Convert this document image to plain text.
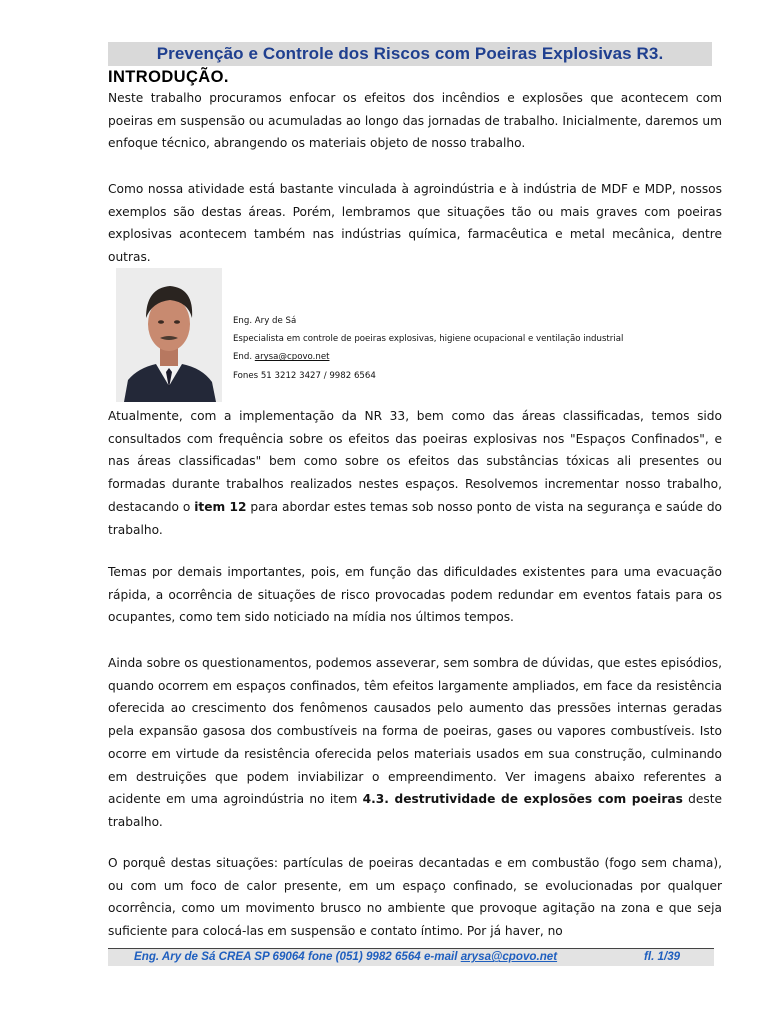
Prevenção e Controle dos Riscos com Poeiras Explosivas R3.
INTRODUÇÃO.

Neste trabalho procuramos enfocar os efeitos dos incêndios e explosões que acontecem com poeiras em suspensão ou acumuladas ao longo das jornadas de trabalho. Inicialmente, daremos um enfoque técnico, abrangendo os materiais objeto de nosso trabalho.

Como nossa atividade está bastante vinculada à agroindústria e à indústria de MDF e MDP, nossos exemplos são destas áreas. Porém, lembramos que situações tão ou mais graves com poeiras explosivas acontecem também nas indústrias química, farmacêutica e metal mecânica, dentre outras.

Eng. Ary de Sá
Especialista em controle de poeiras explosivas, higiene ocupacional e ventilação industrial
End. arysa@cpovo.net
Fones 51 3212 3427 / 9982 6564

Atualmente, com a implementação da NR 33, bem como das áreas classificadas, temos sido consultados com frequência sobre os efeitos das poeiras explosivas nos "Espaços Confinados", e nas áreas classificadas" bem como sobre os efeitos das substâncias tóxicas ali presentes ou formadas durante trabalhos realizados nestes espaços. Resolvemos incrementar nosso trabalho, destacando o item 12 para abordar estes temas sob nosso ponto de vista na segurança e saúde do trabalho.

Temas por demais importantes, pois, em função das dificuldades existentes para uma evacuação rápida, a ocorrência de situações de risco provocadas podem redundar em eventos fatais para os ocupantes, como tem sido noticiado na mídia nos últimos tempos.

Ainda sobre os questionamentos, podemos asseverar, sem sombra de dúvidas, que estes episódios, quando ocorrem em espaços confinados, têm efeitos largamente ampliados, em face da resistência oferecida ao crescimento dos fenômenos causados pelo aumento das pressões internas geradas pela expansão gasosa dos combustíveis na forma de poeiras, gases ou vapores combustíveis. Isto ocorre em virtude da resistência oferecida pelos materiais usados em sua construção, culminando em destruições que podem inviabilizar o empreendimento. Ver imagens abaixo referentes a acidente em uma agroindústria no item 4.3. destrutividade de explosões com poeiras deste trabalho.

O porquê destas situações: partículas de poeiras decantadas e em combustão (fogo sem chama), ou com um foco de calor presente, em um espaço confinado, se evolucionadas por qualquer ocorrência, como um movimento brusco no ambiente que provoque agitação na zona e que seja suficiente para colocá-las em suspensão e contato íntimo. Por já haver, no

Eng. Ary de Sá CREA SP 69064 fone (051) 9982 6564 e-mail arysa@cpovo.net	fl. 1/39
